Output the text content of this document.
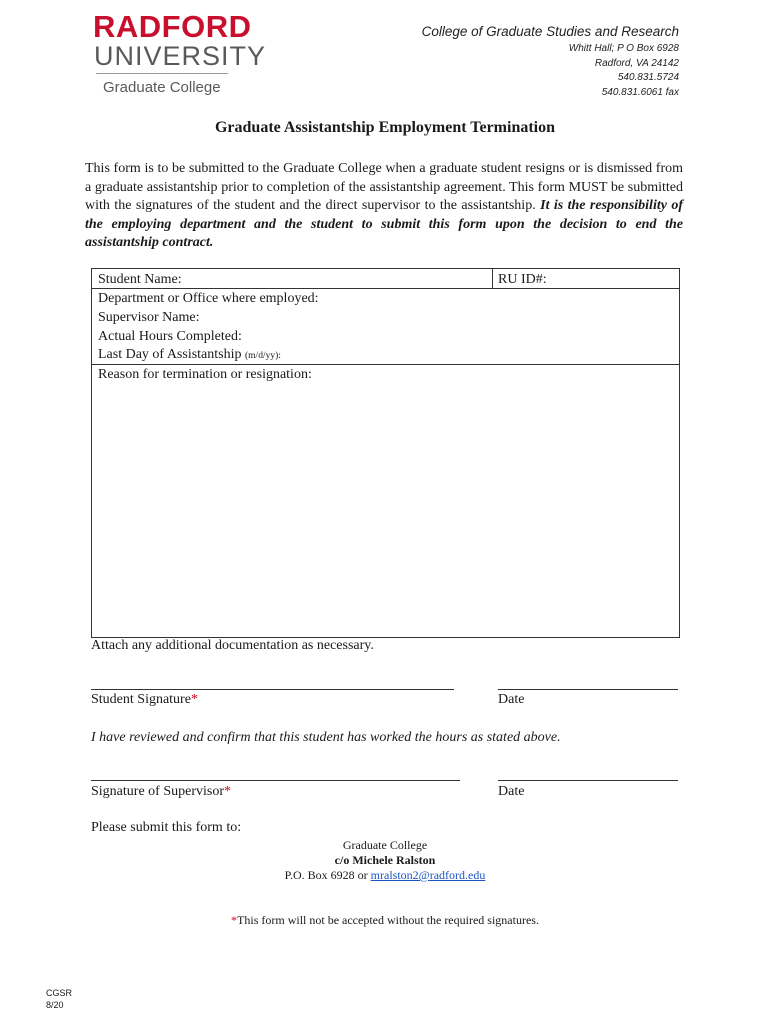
RADFORD
UNIVERSITY
Graduate College
College of Graduate Studies and Research
Whitt Hall; P O Box 6928
Radford, VA 24142
540.831.5724
540.831.6061 fax
Graduate Assistantship Employment Termination
This form is to be submitted to the Graduate College when a graduate student resigns or is dismissed from a graduate assistantship prior to completion of the assistantship agreement. This form MUST be submitted with the signatures of the student and the direct supervisor to the assistantship. It is the responsibility of the employing department and the student to submit this form upon the decision to end the assistantship contract.
Student Name:	RU ID#:
Department or Office where employed:
Supervisor Name:
Actual Hours Completed:
Last Day of Assistantship (m/d/yy):
Reason for termination or resignation:
Attach any additional documentation as necessary.
Student Signature*	Date
I have reviewed and confirm that this student has worked the hours as stated above.
Signature of Supervisor*	Date
Please submit this form to:
Graduate College
c/o Michele Ralston
P.O. Box 6928 or mralston2@radford.edu
*This form will not be accepted without the required signatures.
CGSR
8/20
